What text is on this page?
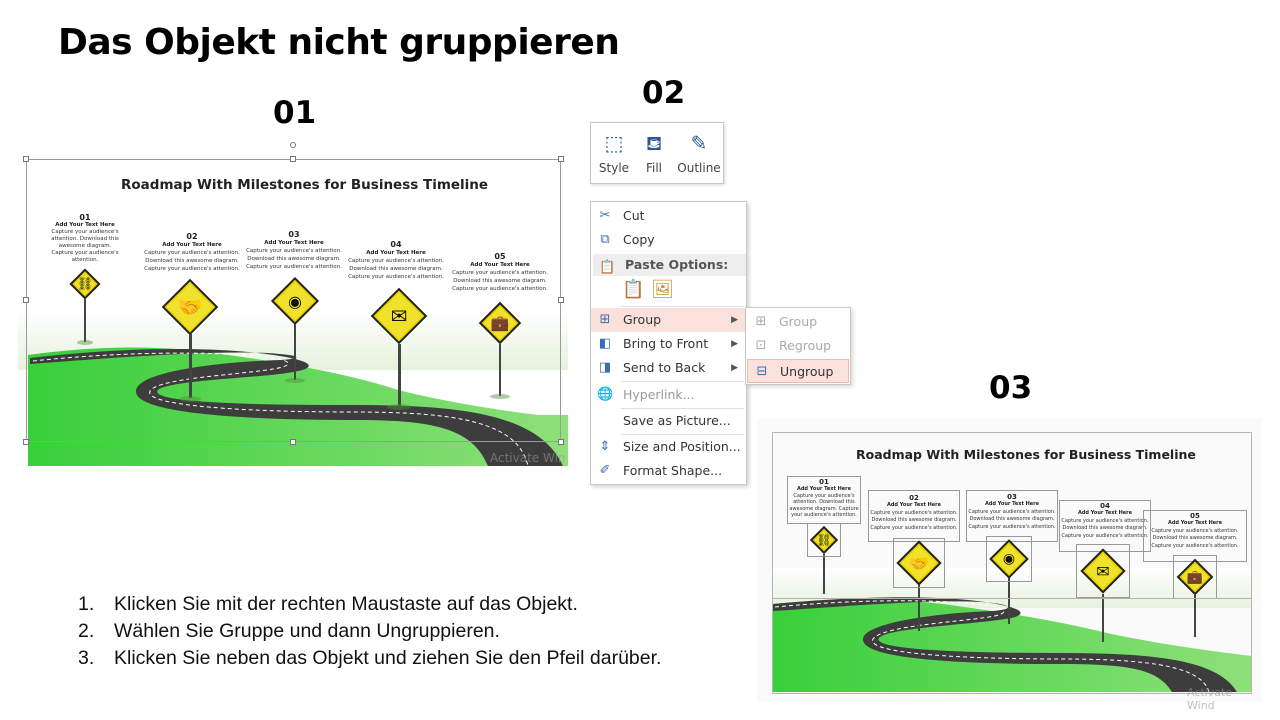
Das Objekt nicht gruppieren
01
02
03
Roadmap With Milestones for Business Timeline
01
Add Your Text Here
Capture your audience's attention. Download this awesome diagram. Capture your audience's attention.
02
Add Your Text Here
Capture your audience's attention. Download this awesome diagram. Capture your audience's attention.
03
Add Your Text Here
Capture your audience's attention. Download this awesome diagram. Capture your audience's attention.
04
Add Your Text Here
Capture your audience's attention. Download this awesome diagram. Capture your audience's attention.
05
Add Your Text Here
Capture your audience's attention. Download this awesome diagram. Capture your audience's attention.
⛓
🤝	◉
✉	💼
Activate Win
⬚
Style
⛾
Fill
✎
Outline
✂ Cut
⧉ Copy
📋 Paste Options:
📋 🖼
⊞ Group	▶
◧ Bring to Front	▶
◨ Send to Back	▶
🌐 Hyperlink...
Save as Picture...
⇕ Size and Position...
✐ Format Shape...
⊞ Group
⊡ Regroup
⊟ Ungroup
Roadmap With Milestones for Business Timeline
01
Add Your Text Here
Capture your audience's attention. Download this awesome diagram. Capture your audience's attention.
02
Add Your Text Here
Capture your audience's attention. Download this awesome diagram. Capture your audience's attention.
03
Add Your Text Here
Capture your audience's attention. Download this awesome diagram. Capture your audience's attention.
04
Add Your Text Here
Capture your audience's attention. Download this awesome diagram. Capture your audience's attention.
05
Add Your Text Here
Capture your audience's attention. Download this awesome diagram. Capture your audience's attention.
⛓
🤝	◉
✉	💼
Activate Wind
1. Klicken Sie mit der rechten Maustaste auf das Objekt.
2. Wählen Sie Gruppe und dann Ungruppieren.
3. Klicken Sie neben das Objekt und ziehen Sie den Pfeil darüber.
